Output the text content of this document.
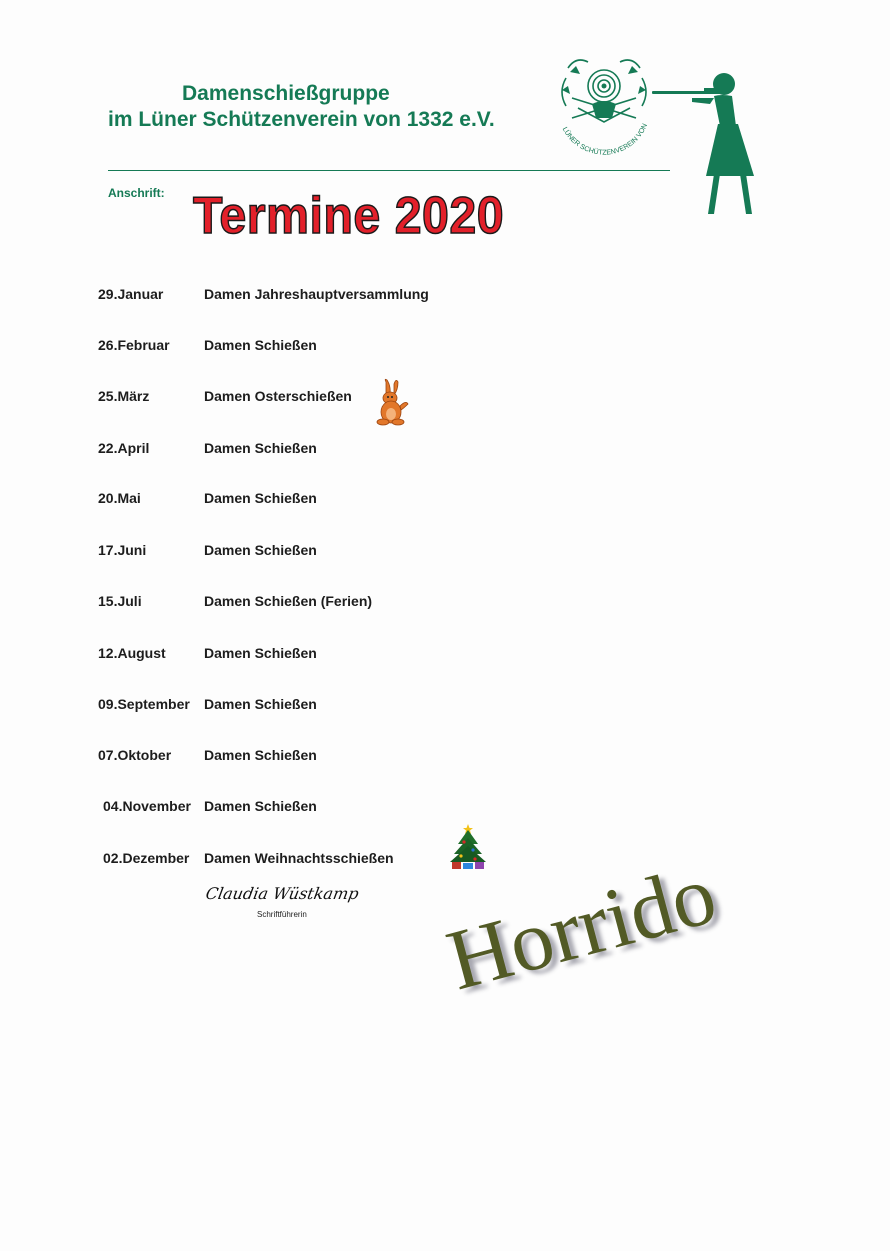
Damenschießgruppe
im Lüner Schützenverein von 1332 e.V.	LÜNER SCHÜTZENVEREIN VON
Anschrift: Termine 2020
29.Januar	Damen Jahreshauptversammlung
26.Februar Damen Schießen
25.März	Damen Osterschießen
22.April	Damen Schießen
20.Mai	Damen Schießen
17.Juni	Damen Schießen
15.Juli	Damen Schießen (Ferien)
12.August	Damen Schießen
09.September Damen Schießen
07.Oktober Damen Schießen
04.November Damen Schießen
02.Dezember Damen Weihnachtsschießen
Claudia Wüstkamp
Schriftführerin Horrido
